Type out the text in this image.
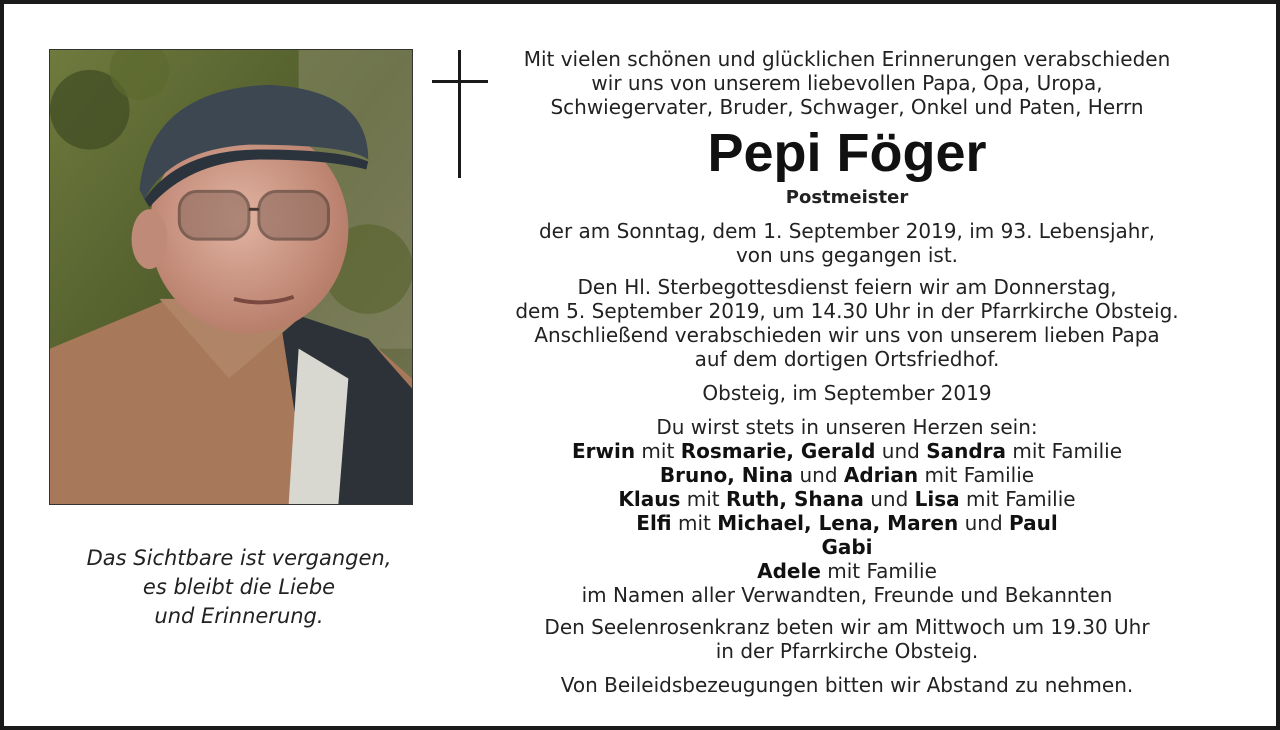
Das Sichtbare ist vergangen,
es bleibt die Liebe
und Erinnerung.
Mit vielen schönen und glücklichen Erinnerungen verabschieden
wir uns von unserem liebevollen Papa, Opa, Uropa,
Schwiegervater, Bruder, Schwager, Onkel und Paten, Herrn
Pepi Föger
Postmeister
der am Sonntag, dem 1. September 2019, im 93. Lebensjahr,
von uns gegangen ist.
Den Hl. Sterbegottesdienst feiern wir am Donnerstag,
dem 5. September 2019, um 14.30 Uhr in der Pfarrkirche Obsteig.
Anschließend verabschieden wir uns von unserem lieben Papa
auf dem dortigen Ortsfriedhof.
Obsteig, im September 2019
Du wirst stets in unseren Herzen sein:
Erwin mit Rosmarie, Gerald und Sandra mit Familie
Bruno, Nina und Adrian mit Familie
Klaus mit Ruth, Shana und Lisa mit Familie
Elfi mit Michael, Lena, Maren und Paul
Gabi
Adele mit Familie
im Namen aller Verwandten, Freunde und Bekannten
Den Seelenrosenkranz beten wir am Mittwoch um 19.30 Uhr
in der Pfarrkirche Obsteig.
Von Beileidsbezeugungen bitten wir Abstand zu nehmen.
